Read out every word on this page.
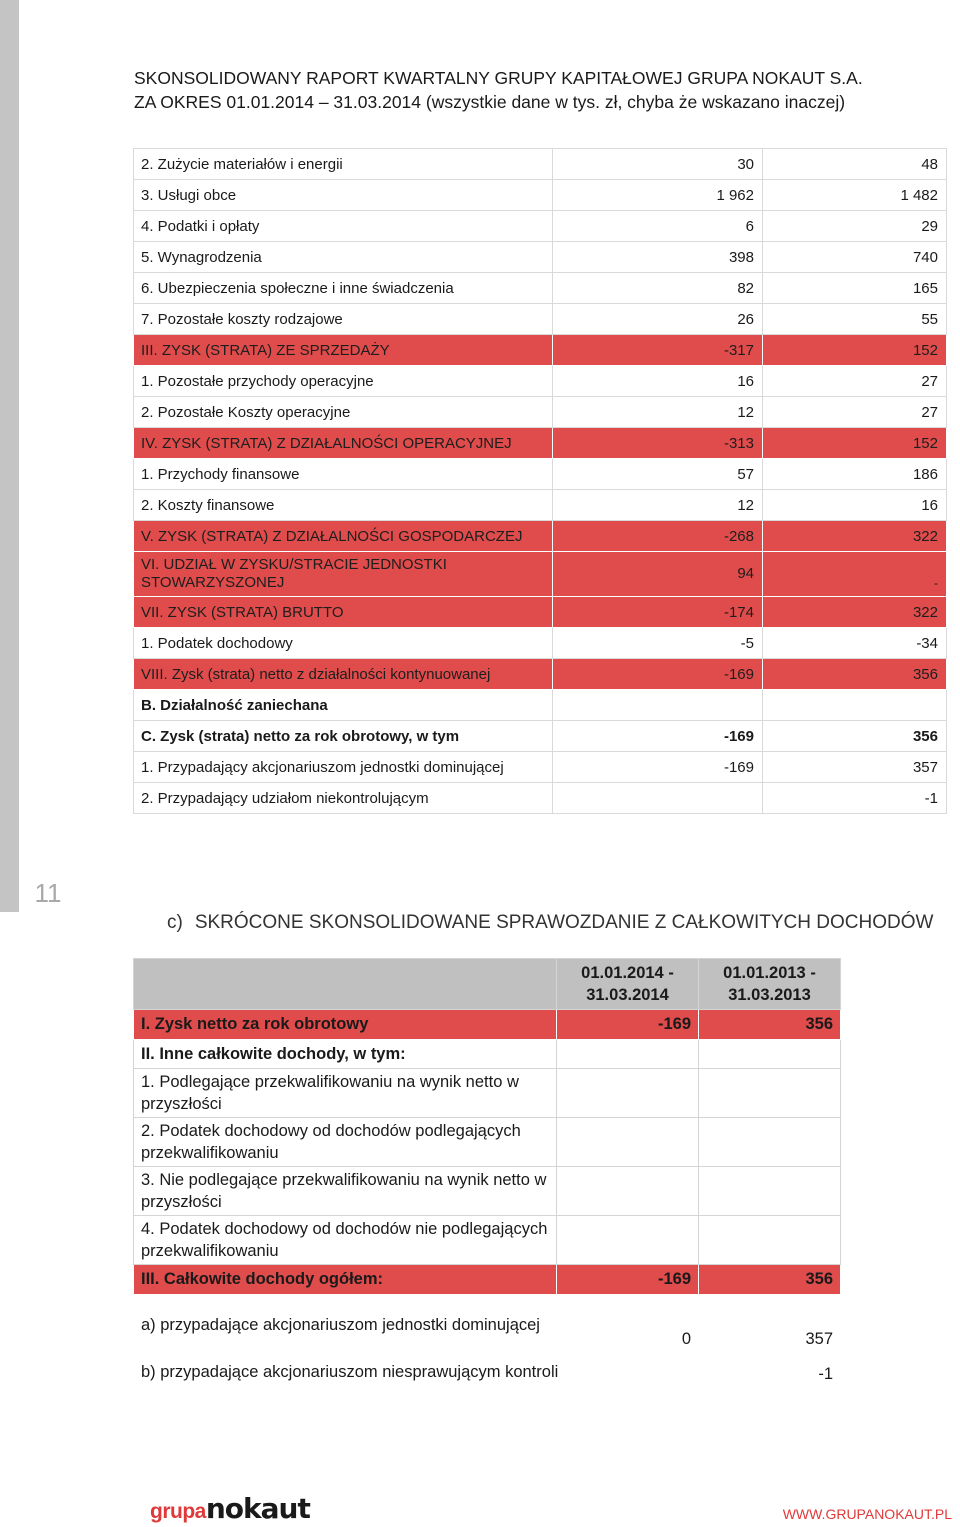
11
SKONSOLIDOWANY RAPORT KWARTALNY GRUPY KAPITAŁOWEJ GRUPA NOKAUT S.A.
ZA OKRES 01.01.2014 – 31.03.2014 (wszystkie dane w tys. zł, chyba że wskazano inaczej)
2. Zużycie materiałów i energii	30	48
3. Usługi obce	1 962	1 482
4. Podatki i opłaty	6	29
5. Wynagrodzenia	398	740
6. Ubezpieczenia społeczne i inne świadczenia	82	165
7. Pozostałe koszty rodzajowe	26	55
III. ZYSK (STRATA) ZE SPRZEDAŻY	-317	152
1. Pozostałe przychody operacyjne	16	27
2. Pozostałe Koszty operacyjne	12	27
IV. ZYSK (STRATA) Z DZIAŁALNOŚCI OPERACYJNEJ	-313	152
1. Przychody finansowe	57	186
2. Koszty finansowe	12	16
V. ZYSK (STRATA) Z DZIAŁALNOŚCI GOSPODARCZEJ	-268	322
VI. UDZIAŁ W ZYSKU/STRACIE JEDNOSTKI STOWARZYSZONEJ	94	-
VII. ZYSK (STRATA) BRUTTO	-174	322
1. Podatek dochodowy	-5	-34
VIII. Zysk (strata) netto z działalności kontynuowanej	-169	356
B. Działalność zaniechana		
C. Zysk (strata) netto za rok obrotowy, w tym	-169	356
1. Przypadający akcjonariuszom jednostki dominującej	-169	357
2. Przypadający udziałom niekontrolującym		-1
c) SKRÓCONE SKONSOLIDOWANE SPRAWOZDANIE Z CAŁKOWITYCH DOCHODÓW
	01.01.2014 - 31.03.2014	01.01.2013 - 31.03.2013
I. Zysk netto za rok obrotowy	-169	356
II. Inne całkowite dochody, w tym:		
1. Podlegające przekwalifikowaniu na wynik netto w przyszłości		
2. Podatek dochodowy od dochodów podlegających przekwalifikowaniu		
3. Nie podlegające przekwalifikowaniu na wynik netto w przyszłości		
4. Podatek dochodowy od dochodów nie podlegających przekwalifikowaniu		
III. Całkowite dochody ogółem:	-169	356
a) przypadające akcjonariuszom jednostki dominującej	0	357
b) przypadające akcjonariuszom niesprawującym kontroli		-1
grupanokaut	WWW.GRUPANOKAUT.PL
